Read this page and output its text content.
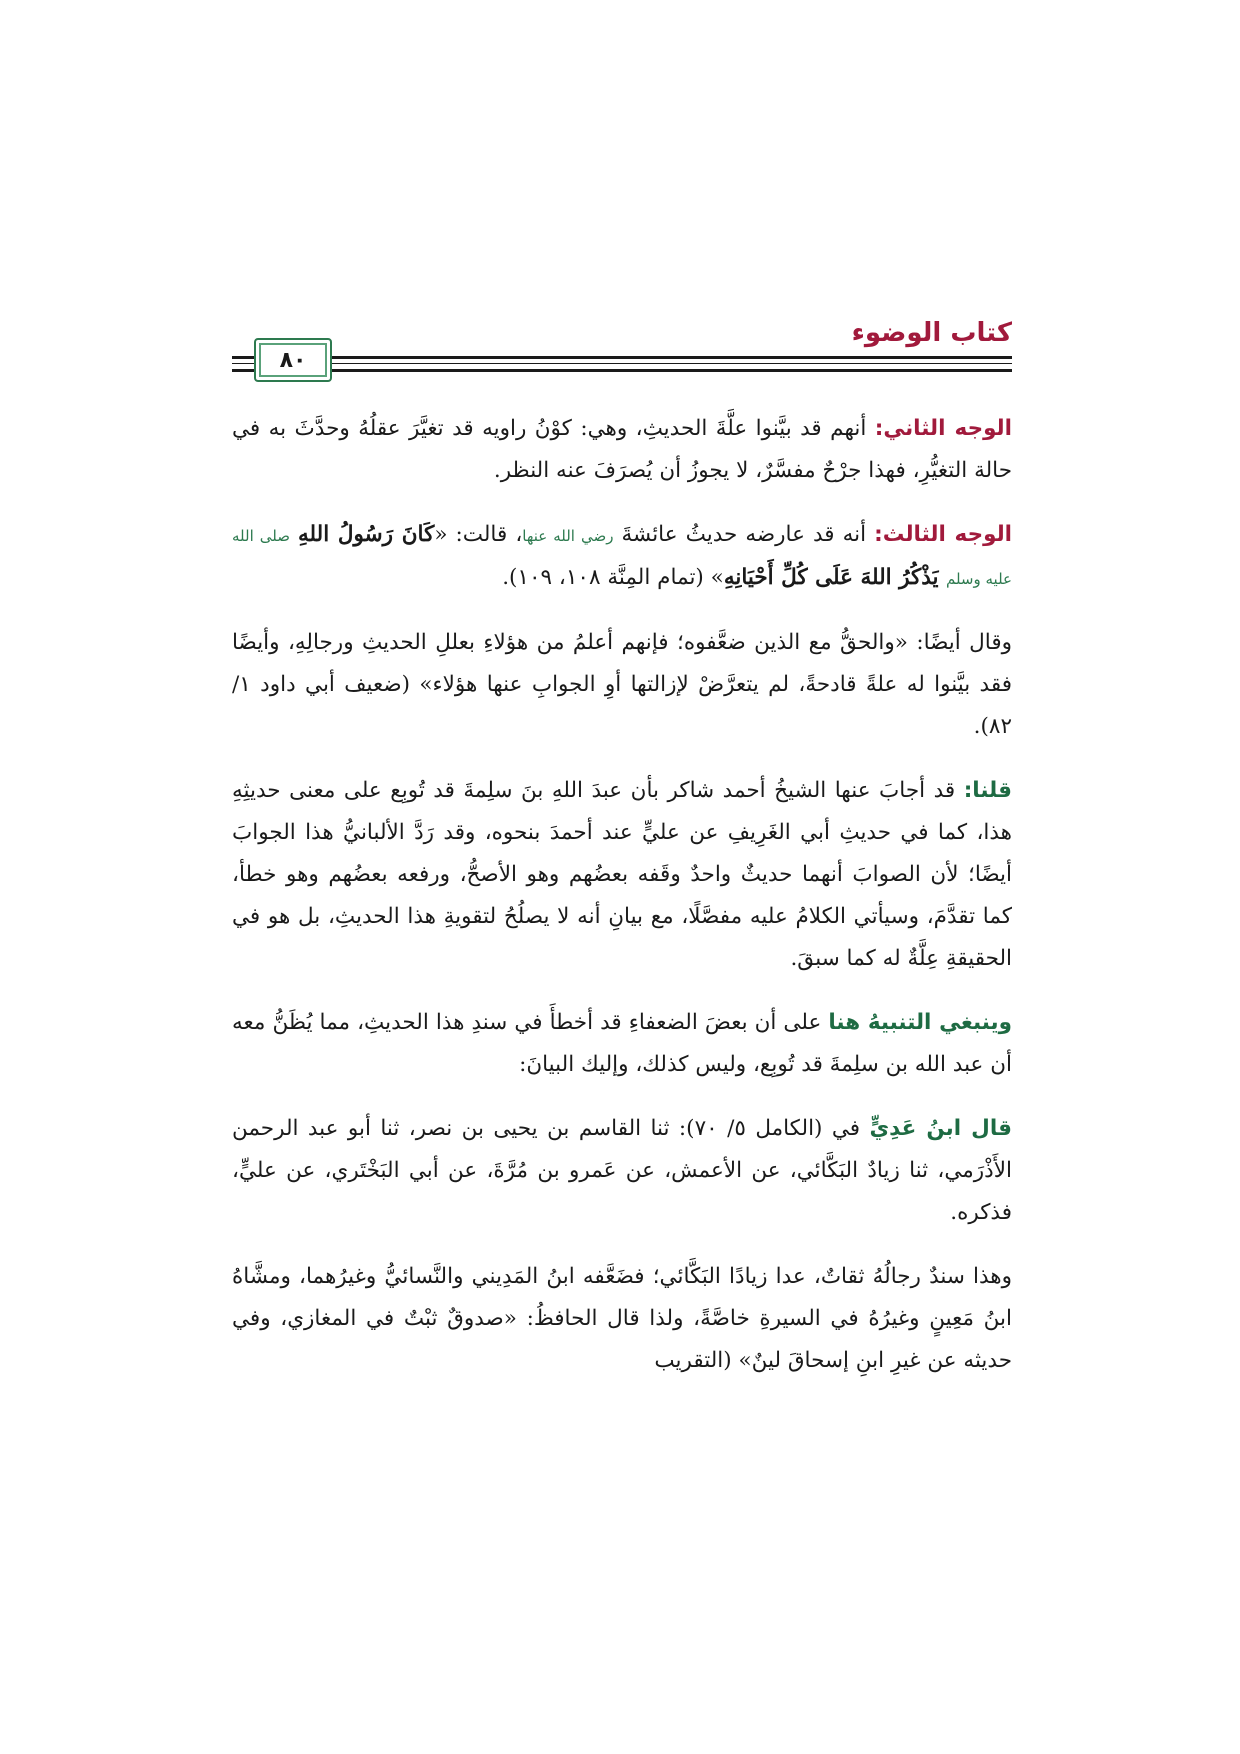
كتاب الوضوء
٨٠

الوجه الثاني: أنهم قد بيَّنوا علَّةَ الحديثِ، وهي: كوْنُ راويه قد تغيَّرَ عقلُهُ وحدَّثَ به في حالة التغيُّرِ، فهذا جرْحٌ مفسَّرٌ، لا يجوزُ أن يُصرَفَ عنه النظر.

الوجه الثالث: أنه قد عارضه حديثُ عائشةَ رضي الله عنها، قالت: «كَانَ رَسُولُ اللهِ صلى الله عليه وسلم يَذْكُرُ اللهَ عَلَى كُلِّ أَحْيَانِهِ» (تمام المِنَّة ١٠٨، ١٠٩).

وقال أيضًا: «والحقُّ مع الذين ضعَّفوه؛ فإنهم أعلمُ من هؤلاءِ بعللِ الحديثِ ورجالِهِ، وأيضًا فقد بيَّنوا له علةً قادحةً، لم يتعرَّضْ لإزالتها أوِ الجوابِ عنها هؤلاء» (ضعيف أبي داود ١/ ٨٢).

قلنا: قد أجابَ عنها الشيخُ أحمد شاكر بأن عبدَ اللهِ بنَ سلِمةَ قد تُوبِع على معنى حديثِهِ هذا، كما في حديثِ أبي الغَرِيفِ عن عليٍّ عند أحمدَ بنحوه، وقد رَدَّ الألبانيُّ هذا الجوابَ أيضًا؛ لأن الصوابَ أنهما حديثٌ واحدٌ وقَفه بعضُهم وهو الأصحُّ، ورفعه بعضُهم وهو خطأ، كما تقدَّمَ، وسيأتي الكلامُ عليه مفصَّلًا، مع بيانِ أنه لا يصلُحُ لتقويةِ هذا الحديثِ، بل هو في الحقيقةِ عِلَّةٌ له كما سبقَ.

وينبغي التنبيهُ هنا على أن بعضَ الضعفاءِ قد أخطأَ في سندِ هذا الحديثِ، مما يُظَنُّ معه أن عبد الله بن سلِمةَ قد تُوبِع، وليس كذلك، وإليك البيانَ:

قال ابنُ عَدِيٍّ في (الكامل ٥/ ٧٠): ثنا القاسم بن يحيى بن نصر، ثنا أبو عبد الرحمن الأَذْرَمي، ثنا زيادٌ البَكَّائي، عن الأعمش، عن عَمرو بن مُرَّةَ، عن أبي البَخْتَري، عن عليٍّ، فذكره.

وهذا سندٌ رجالُهُ ثقاتٌ، عدا زيادًا البَكَّائي؛ فضَعَّفه ابنُ المَدِيني والنَّسائيُّ وغيرُهما، ومشَّاهُ ابنُ مَعِينٍ وغيرُهُ في السيرةِ خاصَّةً، ولذا قال الحافظُ: «صدوقٌ ثبْتٌ في المغازي، وفي حديثه عن غيرِ ابنِ إسحاقَ لينٌ» (التقريب
